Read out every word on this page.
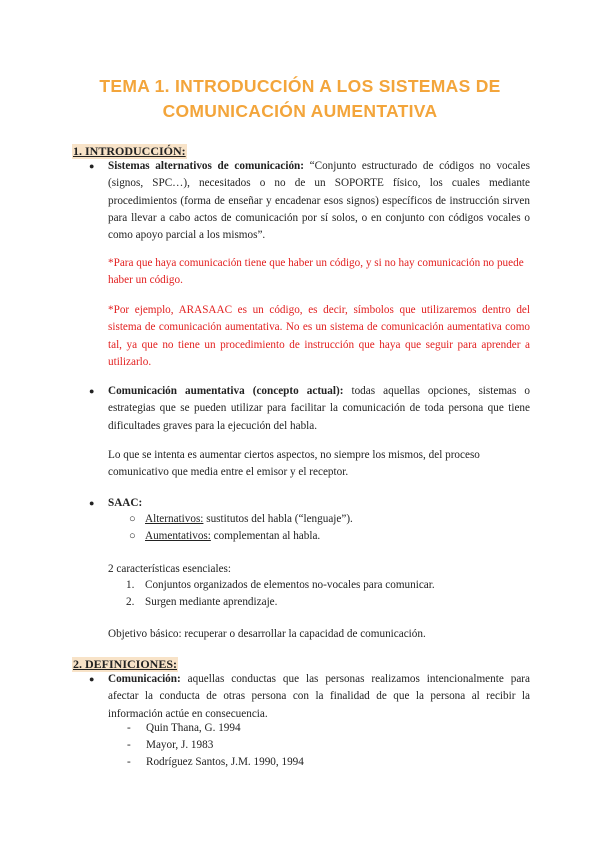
TEMA 1. INTRODUCCIÓN A LOS SISTEMAS DE
COMUNICACIÓN AUMENTATIVA
1. INTRODUCCIÓN:
● Sistemas alternativos de comunicación: “Conjunto estructurado de códigos no vocales (signos, SPC…), necesitados o no de un SOPORTE físico, los cuales mediante procedimientos (forma de enseñar y encadenar esos signos) específicos de instrucción sirven para llevar a cabo actos de comunicación por sí solos, o en conjunto con códigos vocales o como apoyo parcial a los mismos”.

*Para que haya comunicación tiene que haber un código, y si no hay comunicación no puede haber un código.

*Por ejemplo, ARASAAC es un código, es decir, símbolos que utilizaremos dentro del sistema de comunicación aumentativa. No es un sistema de comunicación aumentativa como tal, ya que no tiene un procedimiento de instrucción que haya que seguir para aprender a utilizarlo.

● Comunicación aumentativa (concepto actual): todas aquellas opciones, sistemas o estrategias que se pueden utilizar para facilitar la comunicación de toda persona que tiene dificultades graves para la ejecución del habla.

Lo que se intenta es aumentar ciertos aspectos, no siempre los mismos, del proceso comunicativo que media entre el emisor y el receptor.

● SAAC:

○ Alternativos: sustitutos del habla (“lenguaje”).

○ Aumentativos: complementan al habla.

2 características esenciales:

1. Conjuntos organizados de elementos no-vocales para comunicar.

2. Surgen mediante aprendizaje.

Objetivo básico: recuperar o desarrollar la capacidad de comunicación.

2. DEFINICIONES:
● Comunicación: aquellas conductas que las personas realizamos intencionalmente para afectar la conducta de otras persona con la finalidad de que la persona al recibir la información actúe en consecuencia.

- Quin Thana, G. 1994

- Mayor, J. 1983

- Rodríguez Santos, J.M. 1990, 1994
